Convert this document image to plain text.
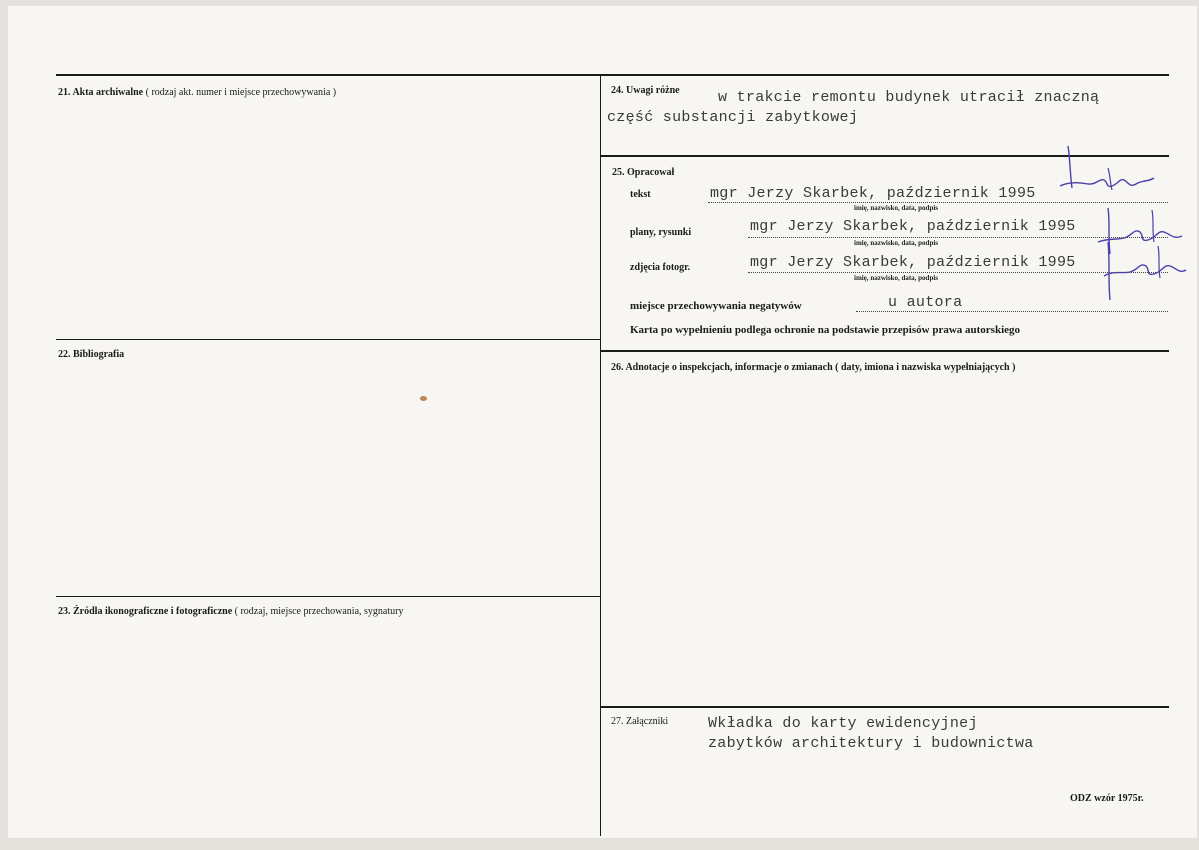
21. Akta archiwalne ( rodzaj akt. numer i miejsce przechowywania )
22. Bibliografia
23. Źródła ikonograficzne i fotograficzne ( rodzaj, miejsce przechowania, sygnatury
24. Uwagi różne	w trakcie remontu budynek utracił znaczną
część substancji zabytkowej
25. Opracował
tekst	mgr Jerzy Skarbek, październik 1995
imię, nazwisko, data, podpis
plany, rysunki	mgr Jerzy Skarbek, październik 1995
imię, nazwisko, data, podpis
zdjęcia fotogr.	mgr Jerzy Skarbek, październik 1995
imię, nazwisko, data, podpis
miejsce przechowywania negatywów	u autora
Karta po wypełnieniu podlega ochronie na podstawie przepisów prawa autorskiego
26. Adnotacje o inspekcjach, informacje o zmianach ( daty, imiona i nazwiska wypełniających )
27. Załączniki	Wkładka do karty ewidencyjnej
zabytków architektury i budownictwa
ODZ wzór 1975r.
